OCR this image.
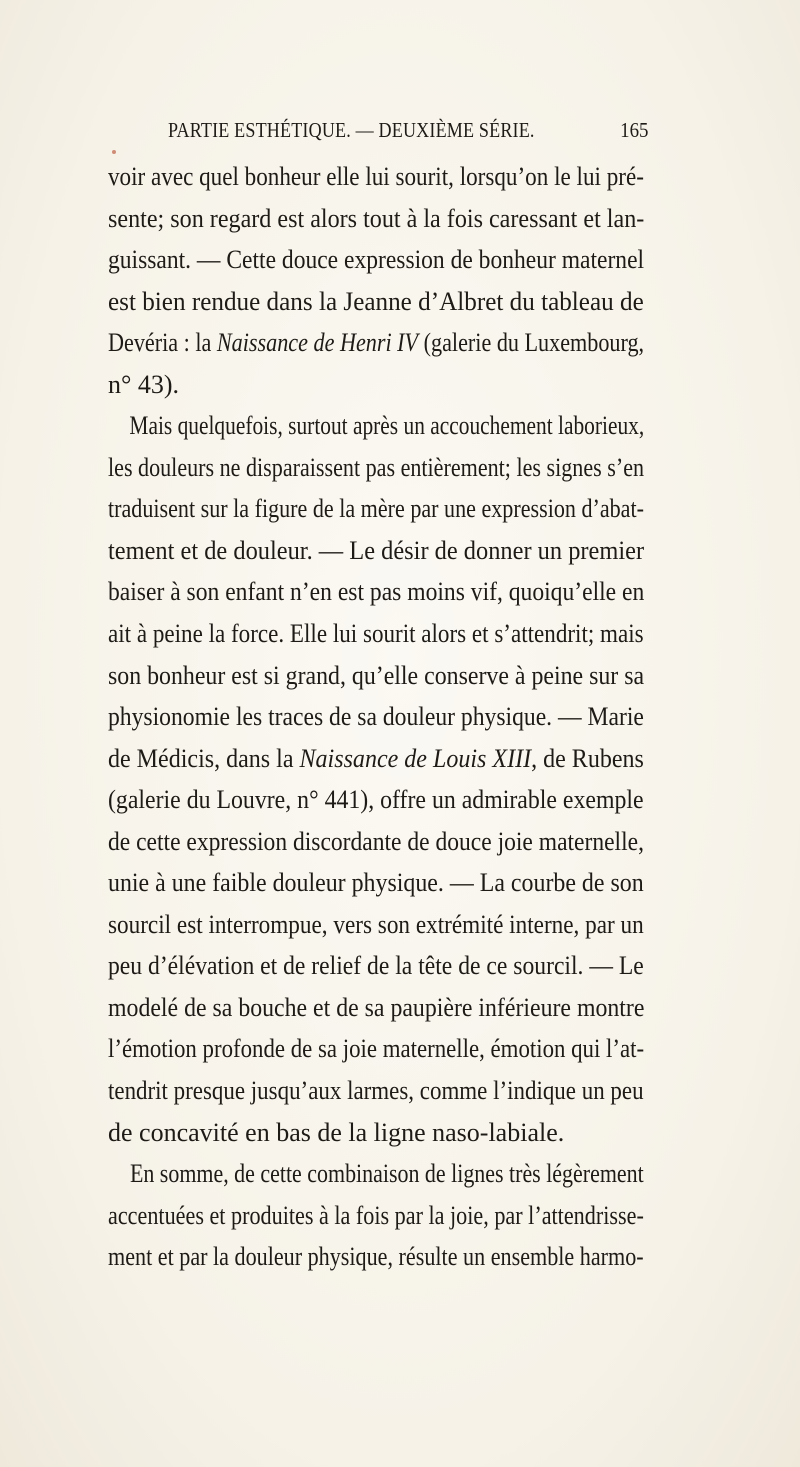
PARTIE ESTHÉTIQUE. — DEUXIÈME SÉRIE.	165
voir avec quel bonheur elle lui sourit, lorsqu’on le lui pré-
sente; son regard est alors tout à la fois caressant et lan-
guissant. — Cette douce expression de bonheur maternel
est bien rendue dans la Jeanne d’Albret du tableau de
Devéria : la Naissance de Henri IV (galerie du Luxembourg,
n° 43).
Mais quelquefois, surtout après un accouchement laborieux,
les douleurs ne disparaissent pas entièrement; les signes s’en
traduisent sur la figure de la mère par une expression d’abat-
tement et de douleur. — Le désir de donner un premier
baiser à son enfant n’en est pas moins vif, quoiqu’elle en
ait à peine la force. Elle lui sourit alors et s’attendrit; mais
son bonheur est si grand, qu’elle conserve à peine sur sa
physionomie les traces de sa douleur physique. — Marie
de Médicis, dans la Naissance de Louis XIII, de Rubens
(galerie du Louvre, n° 441), offre un admirable exemple
de cette expression discordante de douce joie maternelle,
unie à une faible douleur physique. — La courbe de son
sourcil est interrompue, vers son extrémité interne, par un
peu d’élévation et de relief de la tête de ce sourcil. — Le
modelé de sa bouche et de sa paupière inférieure montre
l’émotion profonde de sa joie maternelle, émotion qui l’at-
tendrit presque jusqu’aux larmes, comme l’indique un peu
de concavité en bas de la ligne naso-labiale.
En somme, de cette combinaison de lignes très légèrement
accentuées et produites à la fois par la joie, par l’attendrisse-
ment et par la douleur physique, résulte un ensemble harmo-
